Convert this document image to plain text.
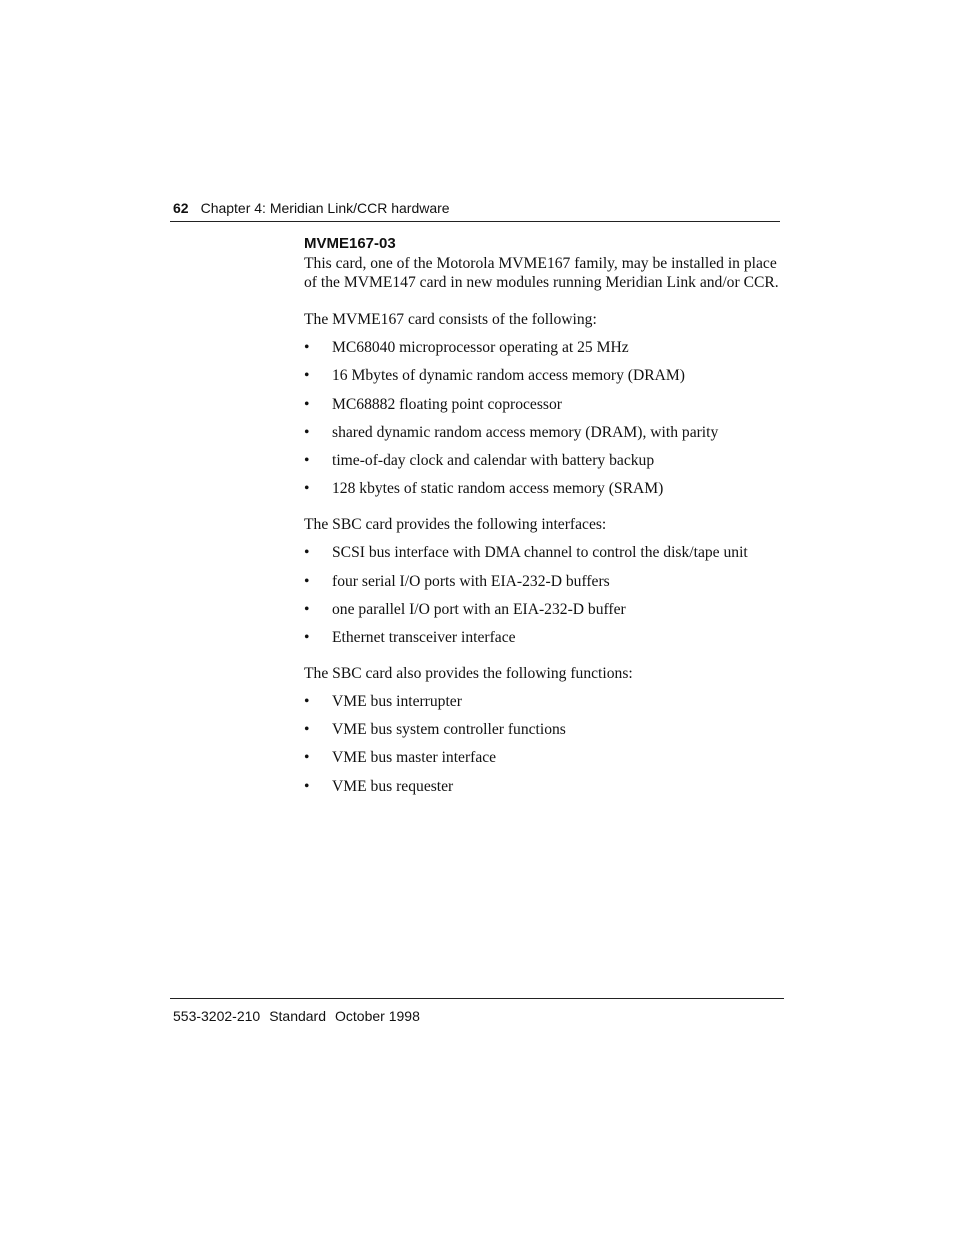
62 Chapter 4: Meridian Link/CCR hardware
MVME167-03

This card, one of the Motorola MVME167 family, may be installed in place of the MVME147 card in new modules running Meridian Link and/or CCR.

The MVME167 card consists of the following:

• MC68040 microprocessor operating at 25 MHz
• 16 Mbytes of dynamic random access memory (DRAM)
• MC68882 floating point coprocessor
• shared dynamic random access memory (DRAM), with parity
• time-of-day clock and calendar with battery backup
• 128 kbytes of static random access memory (SRAM)

The SBC card provides the following interfaces:

• SCSI bus interface with DMA channel to control the disk/tape unit
• four serial I/O ports with EIA-232-D buffers
• one parallel I/O port with an EIA-232-D buffer
• Ethernet transceiver interface

The SBC card also provides the following functions:

• VME bus interrupter
• VME bus system controller functions
• VME bus master interface
• VME bus requester
553-3202-210 Standard October 1998
